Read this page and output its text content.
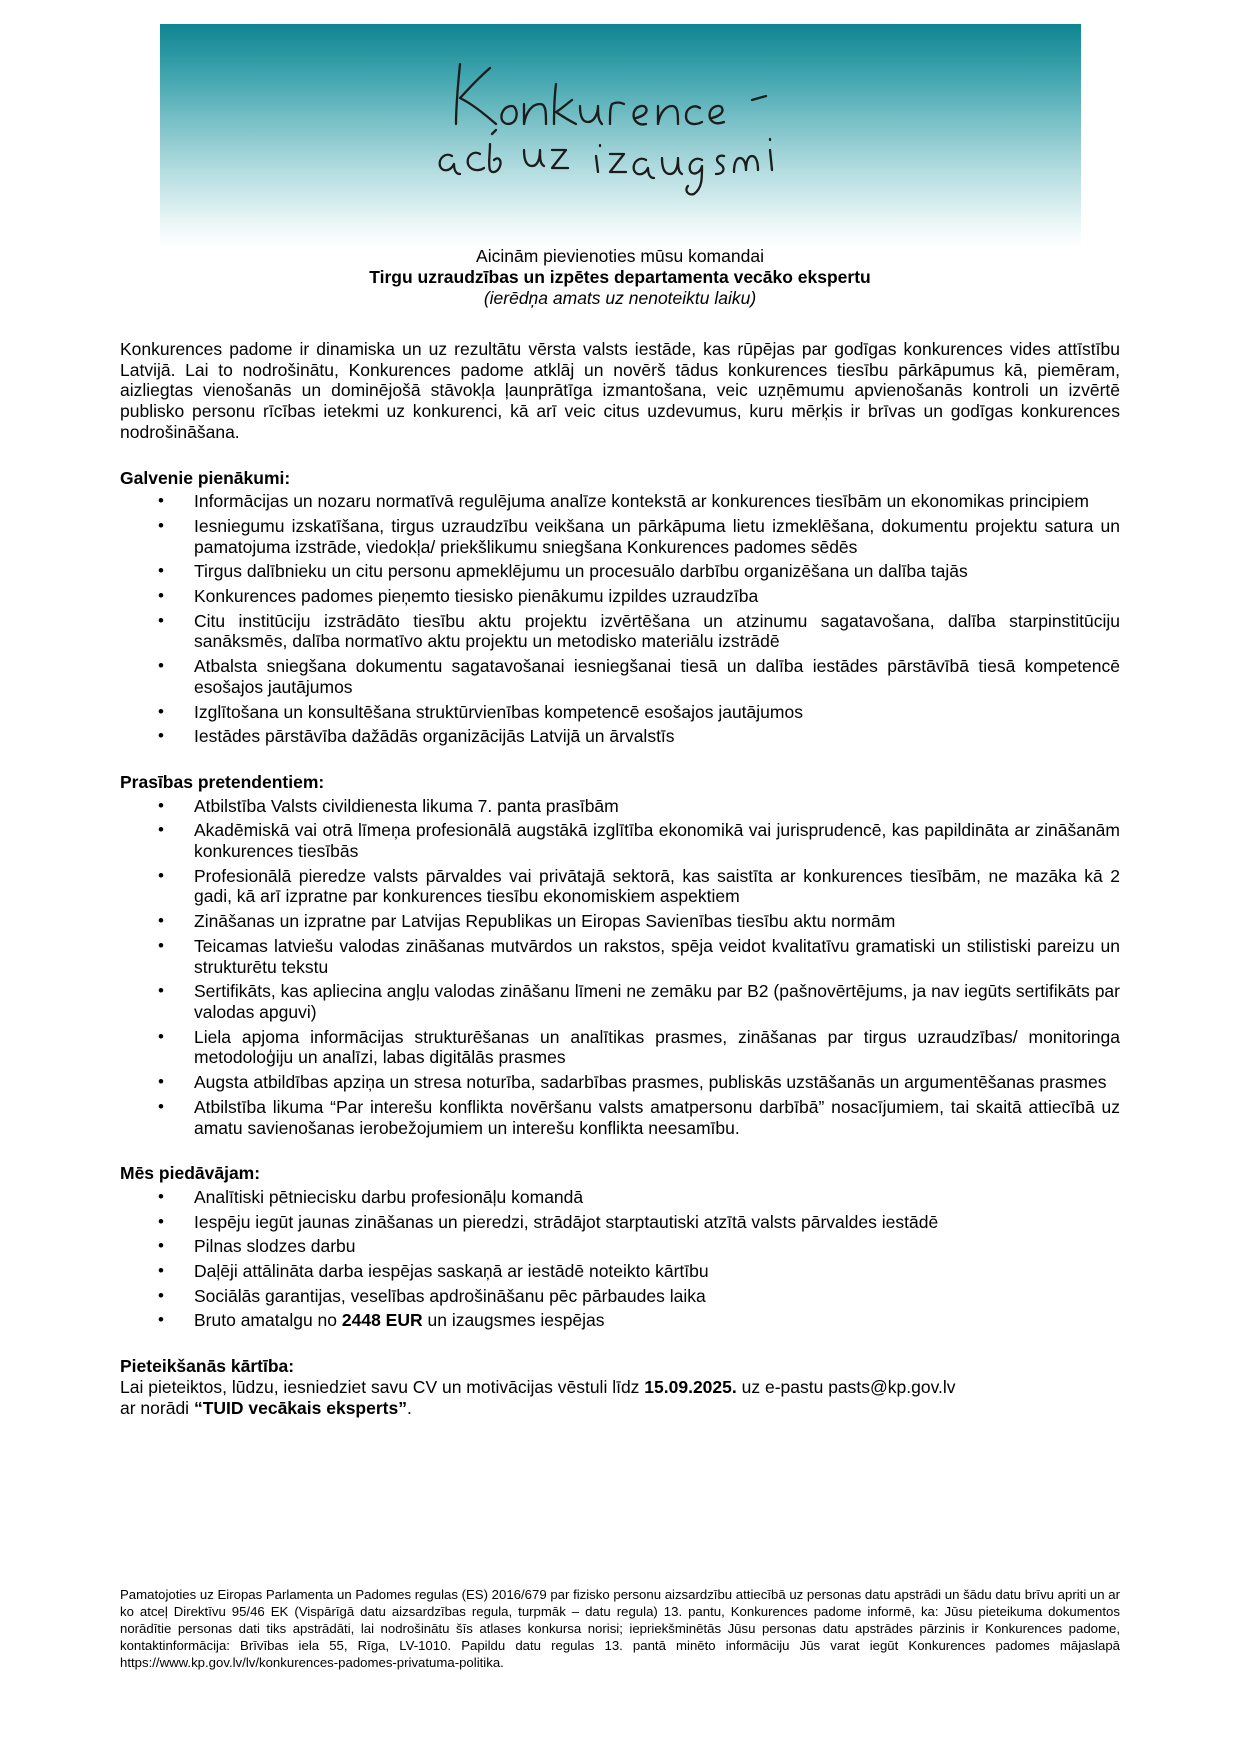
Aicinām pievienoties mūsu komandai
Tirgu uzraudzības un izpētes departamenta vecāko ekspertu
(ierēdņa amats uz nenoteiktu laiku)

Konkurences padome ir dinamiska un uz rezultātu vērsta valsts iestāde, kas rūpējas par godīgas konkurences vides attīstību Latvijā. Lai to nodrošinātu, Konkurences padome atklāj un novērš tādus konkurences tiesību pārkāpumus kā, piemēram, aizliegtas vienošanās un dominējošā stāvokļa ļaunprātīga izmantošana, veic uzņēmumu apvienošanās kontroli un izvērtē publisko personu rīcības ietekmi uz konkurenci, kā arī veic citus uzdevumus, kuru mērķis ir brīvas un godīgas konkurences nodrošināšana.

Galvenie pienākumi:
• Informācijas un nozaru normatīvā regulējuma analīze kontekstā ar konkurences tiesībām un ekonomikas principiem
• Iesniegumu izskatīšana, tirgus uzraudzību veikšana un pārkāpuma lietu izmeklēšana, dokumentu projektu satura un pamatojuma izstrāde, viedokļa/ priekšlikumu sniegšana Konkurences padomes sēdēs
• Tirgus dalībnieku un citu personu apmeklējumu un procesuālo darbību organizēšana un dalība tajās
• Konkurences padomes pieņemto tiesisko pienākumu izpildes uzraudzība
• Citu institūciju izstrādāto tiesību aktu projektu izvērtēšana un atzinumu sagatavošana, dalība starpinstitūciju sanāksmēs, dalība normatīvo aktu projektu un metodisko materiālu izstrādē
• Atbalsta sniegšana dokumentu sagatavošanai iesniegšanai tiesā un dalība iestādes pārstāvībā tiesā kompetencē esošajos jautājumos
• Izglītošana un konsultēšana struktūrvienības kompetencē esošajos jautājumos
• Iestādes pārstāvība dažādās organizācijās Latvijā un ārvalstīs
Prasības pretendentiem:
• Atbilstība Valsts civildienesta likuma 7. panta prasībām
• Akadēmiskā vai otrā līmeņa profesionālā augstākā izglītība ekonomikā vai jurisprudencē, kas papildināta ar zināšanām konkurences tiesībās
• Profesionālā pieredze valsts pārvaldes vai privātajā sektorā, kas saistīta ar konkurences tiesībām, ne mazāka kā 2 gadi, kā arī izpratne par konkurences tiesību ekonomiskiem aspektiem
• Zināšanas un izpratne par Latvijas Republikas un Eiropas Savienības tiesību aktu normām
• Teicamas latviešu valodas zināšanas mutvārdos un rakstos, spēja veidot kvalitatīvu gramatiski un stilistiski pareizu un strukturētu tekstu
• Sertifikāts, kas apliecina angļu valodas zināšanu līmeni ne zemāku par B2 (pašnovērtējums, ja nav iegūts sertifikāts par valodas apguvi)
• Liela apjoma informācijas strukturēšanas un analītikas prasmes, zināšanas par tirgus uzraudzības/ monitoringa metodoloģiju un analīzi, labas digitālās prasmes
• Augsta atbildības apziņa un stresa noturība, sadarbības prasmes, publiskās uzstāšanās un argumentēšanas prasmes
• Atbilstība likuma “Par interešu konflikta novēršanu valsts amatpersonu darbībā” nosacījumiem, tai skaitā attiecībā uz amatu savienošanas ierobežojumiem un interešu konflikta neesamību.
Mēs piedāvājam:
• Analītiski pētniecisku darbu profesionāļu komandā
• Iespēju iegūt jaunas zināšanas un pieredzi, strādājot starptautiski atzītā valsts pārvaldes iestādē
• Pilnas slodzes darbu
• Daļēji attālināta darba iespējas saskaņā ar iestādē noteikto kārtību
• Sociālās garantijas, veselības apdrošināšanu pēc pārbaudes laika
• Bruto amatalgu no 2448 EUR un izaugsmes iespējas
Pieteikšanās kārtība:

Lai pieteiktos, lūdzu, iesniedziet savu CV un motivācijas vēstuli līdz 15.09.2025. uz e-pastu pasts@kp.gov.lv
ar norādi “TUID vecākais eksperts”.

Pamatojoties uz Eiropas Parlamenta un Padomes regulas (ES) 2016/679 par fizisko personu aizsardzību attiecībā uz personas datu apstrādi un šādu datu brīvu apriti un ar ko atceļ Direktīvu 95/46 EK (Vispārīgā datu aizsardzības regula, turpmāk – datu regula) 13. pantu, Konkurences padome informē, ka: Jūsu pieteikuma dokumentos norādītie personas dati tiks apstrādāti, lai nodrošinātu šīs atlases konkursa norisi; iepriekšminētās Jūsu personas datu apstrādes pārzinis ir Konkurences padome, kontaktinformācija: Brīvības iela 55, Rīga, LV-1010. Papildu datu regulas 13. pantā minēto informāciju Jūs varat iegūt Konkurences padomes mājaslapā https://www.kp.gov.lv/lv/konkurences-padomes-privatuma-politika.
